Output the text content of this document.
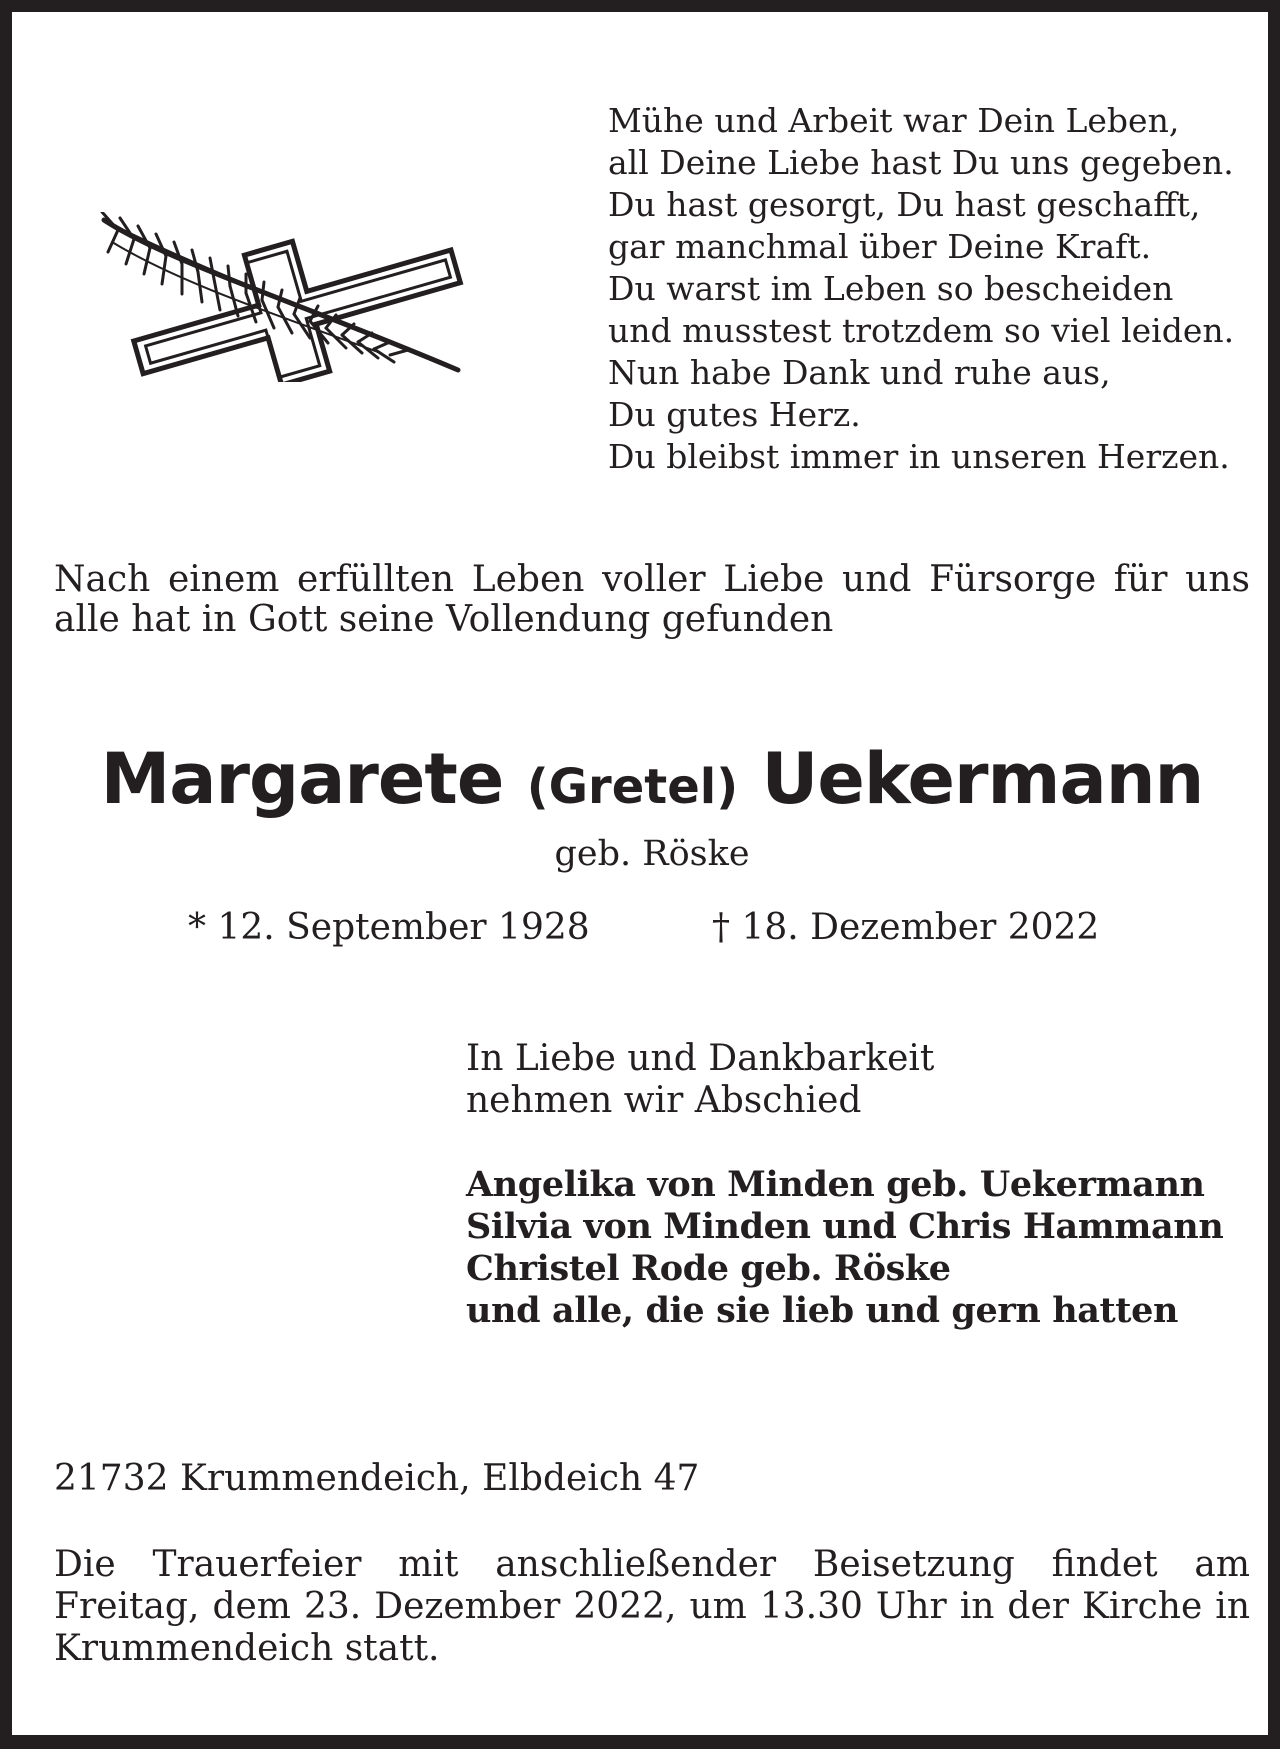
Mühe und Arbeit war Dein Leben,
all Deine Liebe hast Du uns gegeben.
Du hast gesorgt, Du hast geschafft,
gar manchmal über Deine Kraft.
Du warst im Leben so bescheiden
und musstest trotzdem so viel leiden.
Nun habe Dank und ruhe aus,
Du gutes Herz.
Du bleibst immer in unseren Herzen.
Nach einem erfüllten Leben voller Liebe und Fürsorge für uns alle hat in Gott seine Vollendung gefunden
Margarete (Gretel) Uekermann
geb. Röske
* 12. September 1928	† 18. Dezember 2022
In Liebe und Dankbarkeit
nehmen wir Abschied
Angelika von Minden geb. Uekermann
Silvia von Minden und Chris Hammann
Christel Rode geb. Röske
und alle, die sie lieb und gern hatten
21732 Krummendeich, Elbdeich 47
Die Trauerfeier mit anschließender Beisetzung findet am Freitag, dem 23. Dezember 2022, um 13.30 Uhr in der Kirche in Krummendeich statt.
